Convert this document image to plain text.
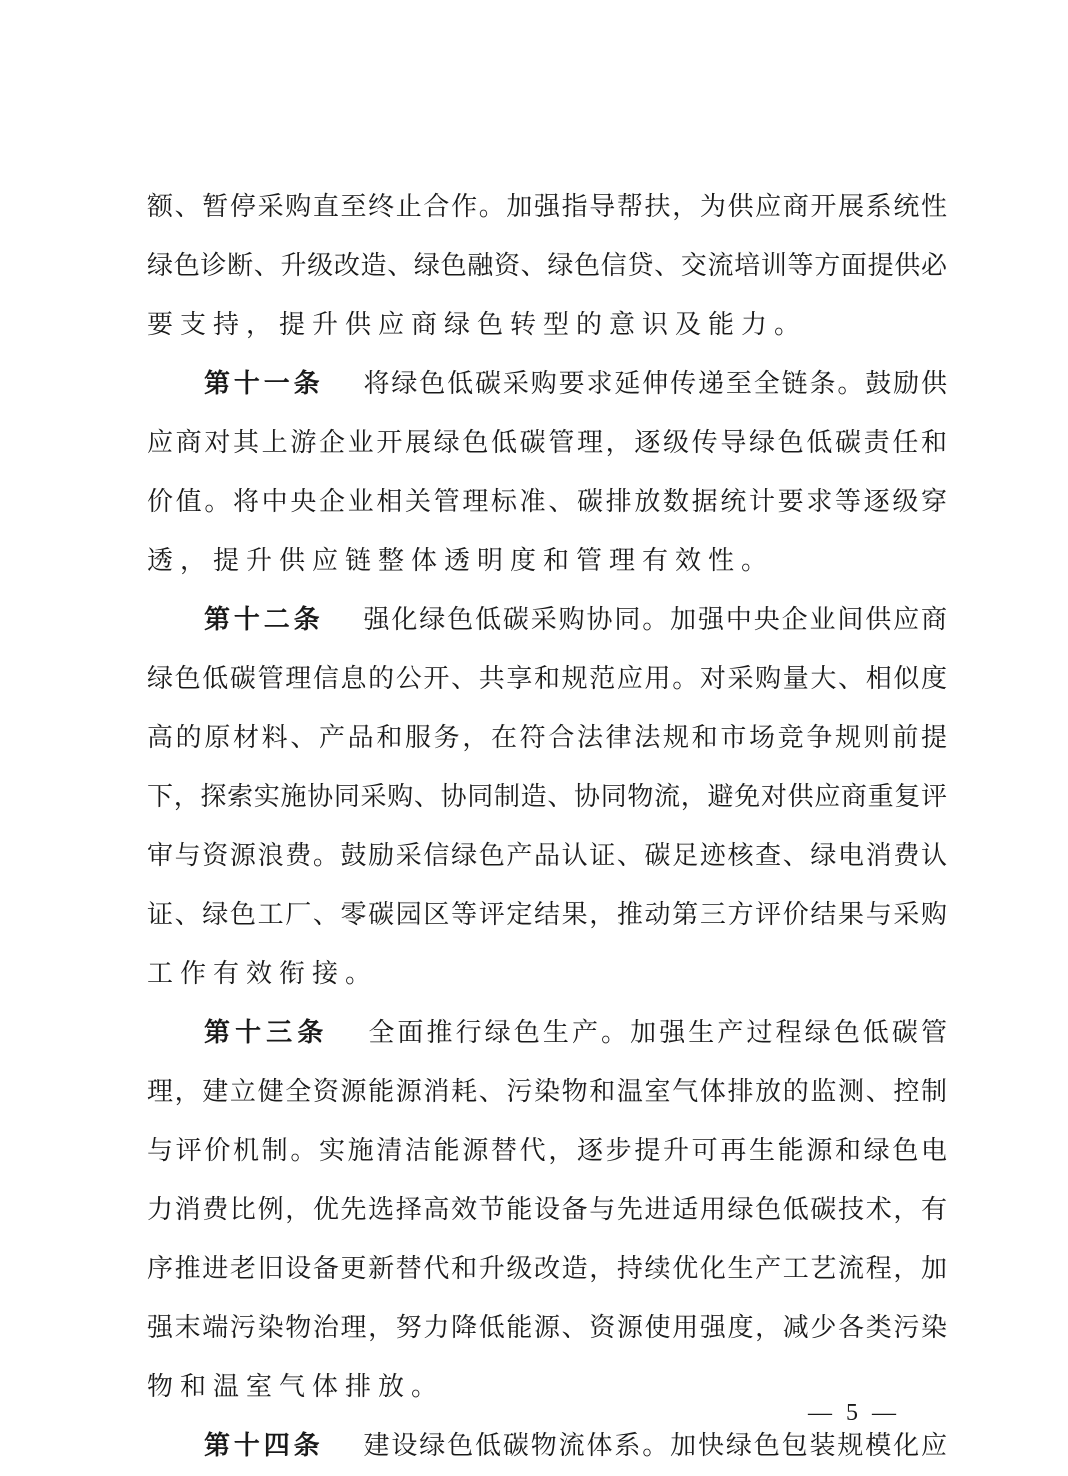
额、暂停采购直至终止合作。加强指导帮扶，为供应商开展系统性
绿色诊断、升级改造、绿色融资、绿色信贷、交流培训等方面提供必
要支持，提升供应商绿色转型的意识及能力。
第十一条 将绿色低碳采购要求延伸传递至全链条。鼓励供
应商对其上游企业开展绿色低碳管理，逐级传导绿色低碳责任和
价值。将中央企业相关管理标准、碳排放数据统计要求等逐级穿
透，提升供应链整体透明度和管理有效性。
第十二条 强化绿色低碳采购协同。加强中央企业间供应商
绿色低碳管理信息的公开、共享和规范应用。对采购量大、相似度
高的原材料、产品和服务，在符合法律法规和市场竞争规则前提
下，探索实施协同采购、协同制造、协同物流，避免对供应商重复评
审与资源浪费。鼓励采信绿色产品认证、碳足迹核查、绿电消费认
证、绿色工厂、零碳园区等评定结果，推动第三方评价结果与采购
工作有效衔接。
第十三条 全面推行绿色生产。加强生产过程绿色低碳管
理，建立健全资源能源消耗、污染物和温室气体排放的监测、控制
与评价机制。实施清洁能源替代，逐步提升可再生能源和绿色电
力消费比例，优先选择高效节能设备与先进适用绿色低碳技术，有
序推进老旧设备更新替代和升级改造，持续优化生产工艺流程，加
强末端污染物治理，努力降低能源、资源使用强度，减少各类污染
物和温室气体排放。
第十四条 建设绿色低碳物流体系。加快绿色包装规模化应
— 5 —
